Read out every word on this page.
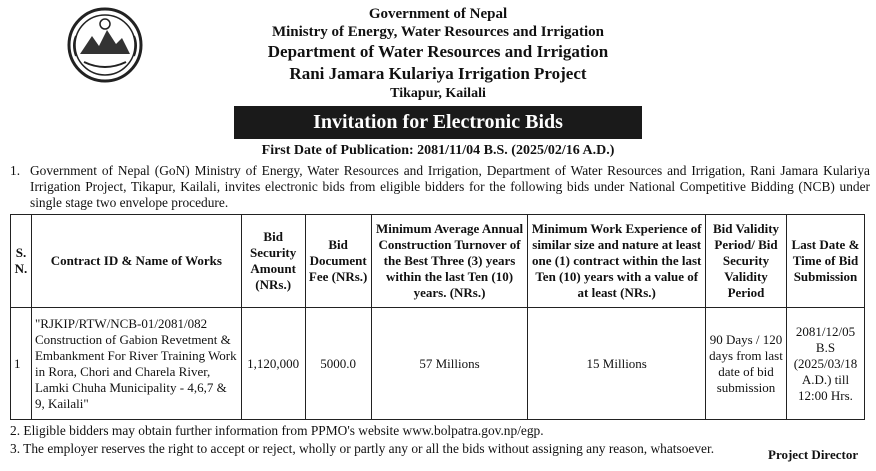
Government of Nepal
Ministry of Energy, Water Resources and Irrigation
Department of Water Resources and Irrigation
Rani Jamara Kulariya Irrigation Project
Tikapur, Kailali
Invitation for Electronic Bids
First Date of Publication: 2081/11/04 B.S. (2025/02/16 A.D.)
1. Government of Nepal (GoN) Ministry of Energy, Water Resources and Irrigation, Department of Water Resources and Irrigation, Rani Jamara Kulariya Irrigation Project, Tikapur, Kailali, invites electronic bids from eligible bidders for the following bids under National Competitive Bidding (NCB) under single stage two envelope procedure.
S. N.	Contract ID & Name of Works	Bid Security Amount (NRs.)	Bid Document Fee (NRs.)	Minimum Average Annual Construction Turnover of the Best Three (3) years within the last Ten (10) years. (NRs.)	Minimum Work Experience of similar size and nature at least one (1) contract within the last Ten (10) years with a value of at least (NRs.)	Bid Validity Period/ Bid Security Validity Period	Last Date & Time of Bid Submission
1	"RJKIP/RTW/NCB-01/2081/082 Construction of Gabion Revetment & Embankment For River Training Work in Rora, Chori and Charela River, Lamki Chuha Municipality - 4,6,7 & 9, Kailali"	1,120,000	5000.0	57 Millions	15 Millions	90 Days / 120 days from last date of bid submission	2081/12/05 B.S (2025/03/18 A.D.) till 12:00 Hrs.
2. Eligible bidders may obtain further information from PPMO's website www.bolpatra.gov.np/egp.
3. The employer reserves the right to accept or reject, wholly or partly any or all the bids without assigning any reason, whatsoever.	Project Director
